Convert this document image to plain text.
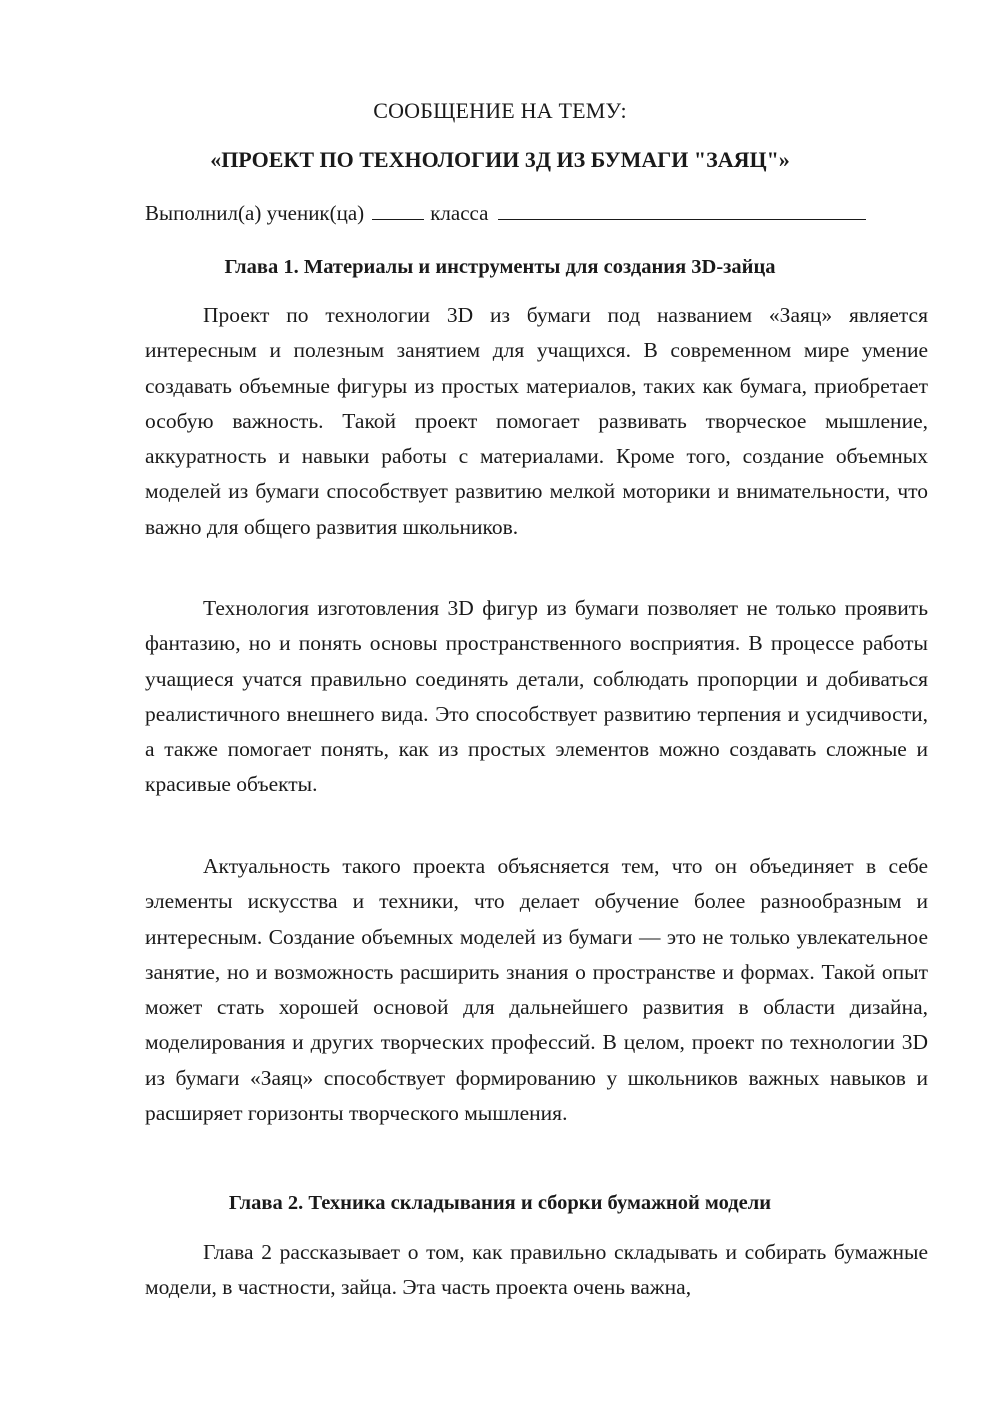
СООБЩЕНИЕ НА ТЕМУ:
«ПРОЕКТ ПО ТЕХНОЛОГИИ 3Д ИЗ БУМАГИ "ЗАЯЦ"»
Выполнил(а) ученик(ца)	класса
Глава 1. Материалы и инструменты для создания 3D-зайца

Проект по технологии 3D из бумаги под названием «Заяц» является интересным и полезным занятием для учащихся. В современном мире умение создавать объемные фигуры из простых материалов, таких как бумага, приобретает особую важность. Такой проект помогает развивать творческое мышление, аккуратность и навыки работы с материалами. Кроме того, создание объемных моделей из бумаги способствует развитию мелкой моторики и внимательности, что важно для общего развития школьников.

Технология изготовления 3D фигур из бумаги позволяет не только проявить фантазию, но и понять основы пространственного восприятия. В процессе работы учащиеся учатся правильно соединять детали, соблюдать пропорции и добиваться реалистичного внешнего вида. Это способствует развитию терпения и усидчивости, а также помогает понять, как из простых элементов можно создавать сложные и красивые объекты.

Актуальность такого проекта объясняется тем, что он объединяет в себе элементы искусства и техники, что делает обучение более разнообразным и интересным. Создание объемных моделей из бумаги — это не только увлекательное занятие, но и возможность расширить знания о пространстве и формах. Такой опыт может стать хорошей основой для дальнейшего развития в области дизайна, моделирования и других творческих профессий. В целом, проект по технологии 3D из бумаги «Заяц» способствует формированию у школьников важных навыков и расширяет горизонты творческого мышления.

Глава 2. Техника складывания и сборки бумажной модели

Глава 2 рассказывает о том, как правильно складывать и собирать бумажные модели, в частности, зайца. Эта часть проекта очень важна,
